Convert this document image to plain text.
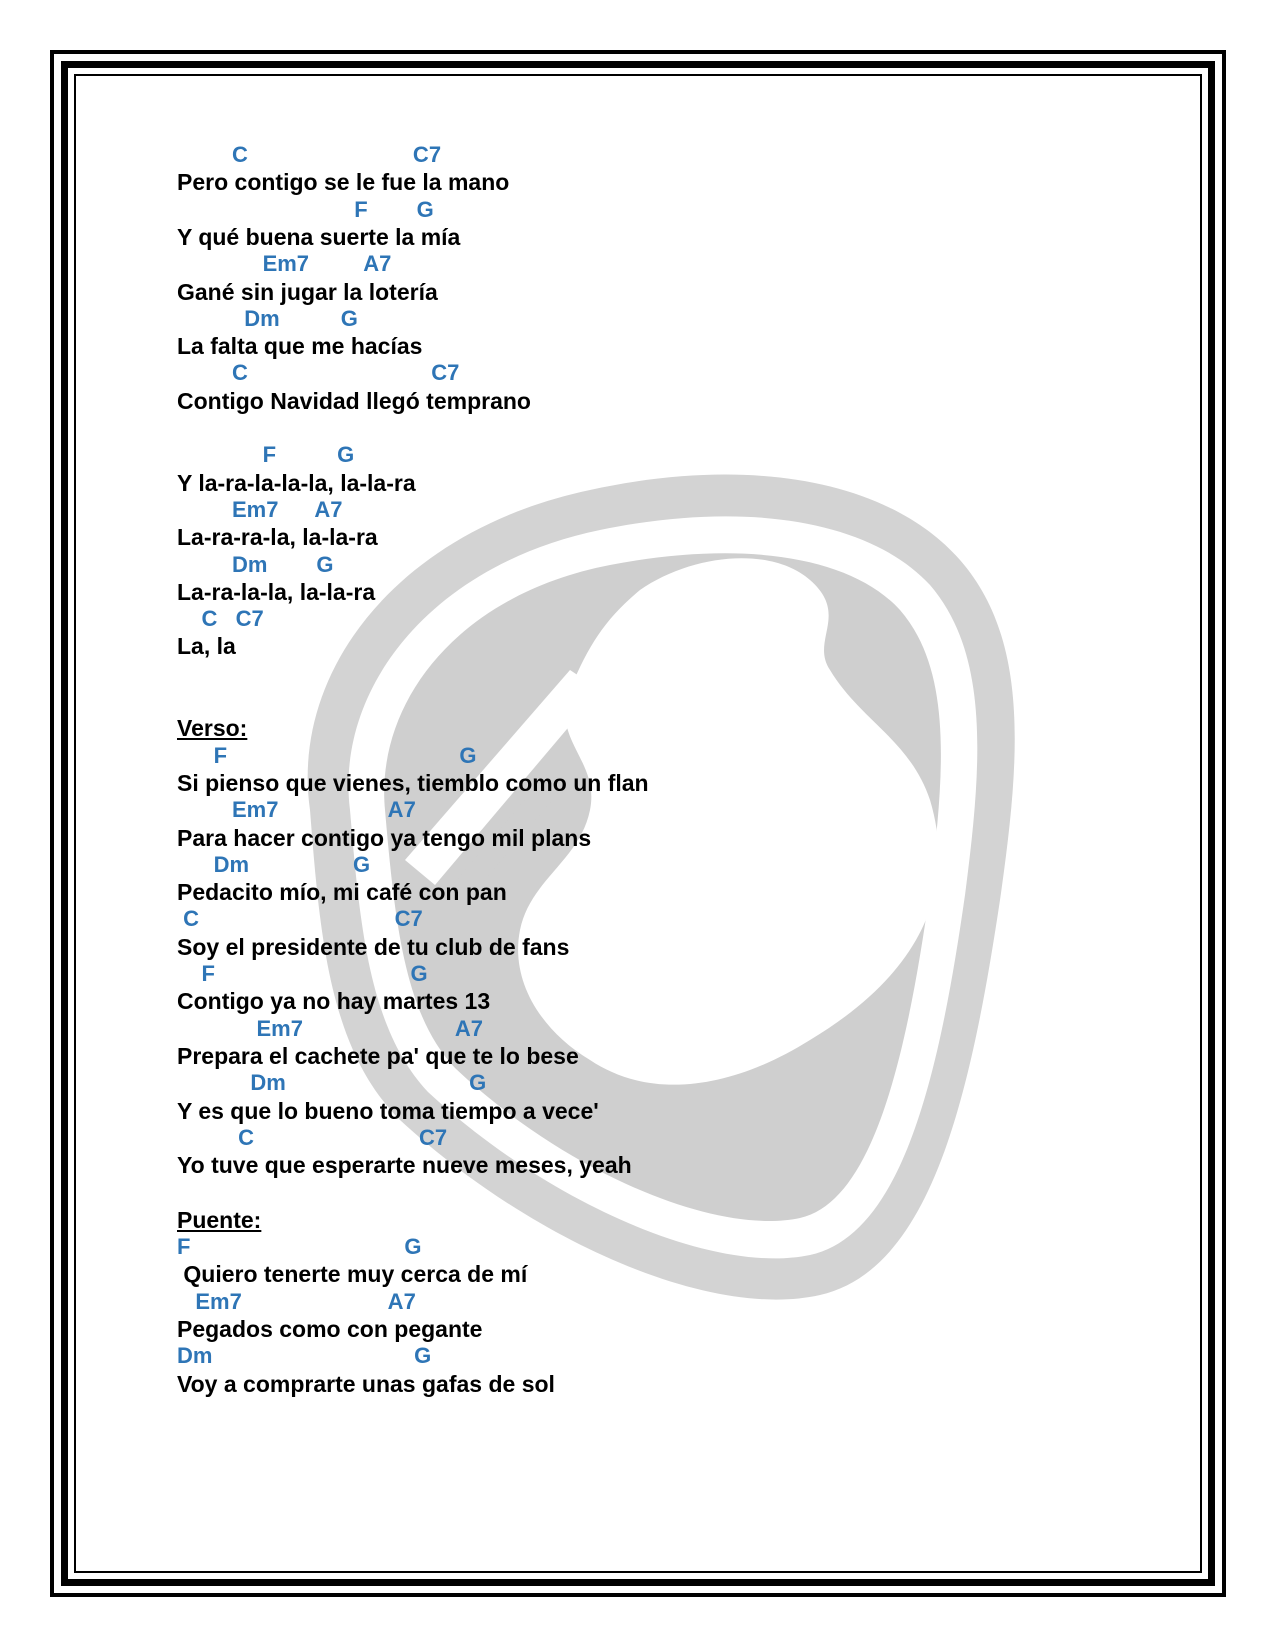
C                           C7
Pero contigo se le fue la mano
F        G
Y qué buena suerte la mía
Em7         A7
Gané sin jugar la lotería
Dm          G
La falta que me hacías
C                              C7
Contigo Navidad llegó temprano
F          G
Y la-ra-la-la-la, la-la-ra
Em7      A7
La-ra-ra-la, la-la-ra
Dm        G
La-ra-la-la, la-la-ra
C   C7
La, la
Verso:
F                                      G
Si pienso que vienes, tiemblo como un flan
Em7                  A7
Para hacer contigo ya tengo mil plans
Dm                 G
Pedacito mío, mi café con pan
C                                C7
Soy el presidente de tu club de fans
F                                G
Contigo ya no hay martes 13
Em7                         A7
Prepara el cachete pa' que te lo bese
Dm                              G
Y es que lo bueno toma tiempo a vece'
C                           C7
Yo tuve que esperarte nueve meses, yeah
Puente:
F                                   G
Quiero tenerte muy cerca de mí
Em7                        A7
Pegados como con pegante
Dm                                 G
Voy a comprarte unas gafas de sol
